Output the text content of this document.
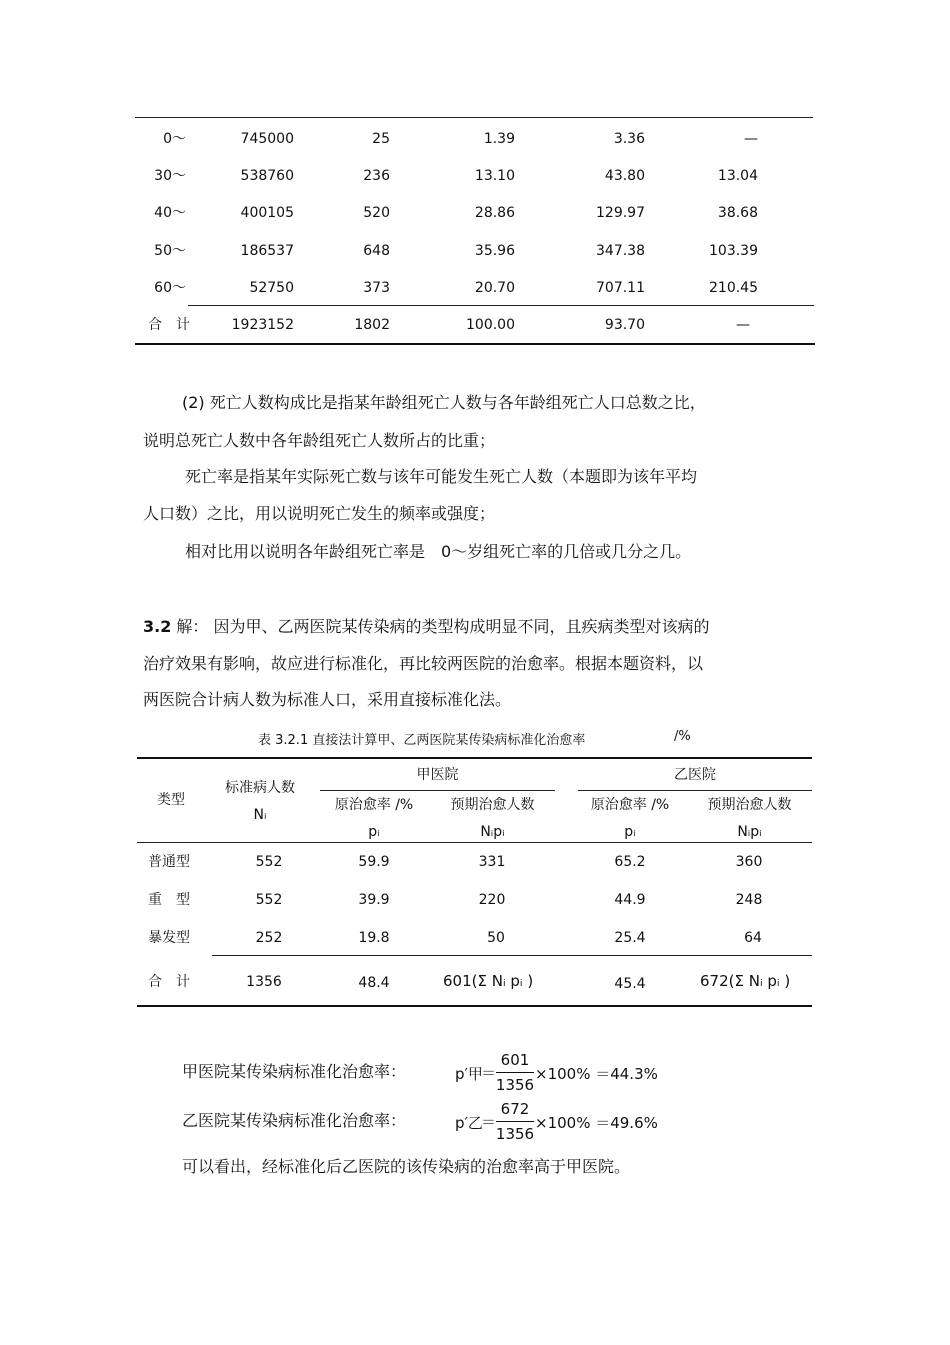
0～	745000	25	1.39	3.36	—
30～	538760	236	13.10	43.80	13.04
40～	400105	520	28.86	129.97	38.68
50～	186537	648	35.96	347.38	103.39
60～	52750	373	20.70	707.11	210.45
合　计	1923152	1802	100.00	93.70	—
(2) 死亡人数构成比是指某年龄组死亡人数与各年龄组死亡人口总数之比，
说明总死亡人数中各年龄组死亡人数所占的比重；
死亡率是指某年实际死亡数与该年可能发生死亡人数（本题即为该年平均
人口数）之比，用以说明死亡发生的频率或强度；
相对比用以说明各年龄组死亡率是　0～岁组死亡率的几倍或几分之几。
3.2 解： 因为甲、乙两医院某传染病的类型构成明显不同，且疾病类型对该病的
治疗效果有影响，故应进行标准化，再比较两医院的治愈率。根据本题资料，以
两医院合计病人数为标准人口，采用直接标准化法。
表 3.2.1 直接法计算甲、乙两医院某传染病标准化治愈率	/%
类型
标准病人数
Nᵢ
甲医院	乙医院
原治愈率 /%	预期治愈人数	原治愈率 /%	预期治愈人数
pᵢ	Nᵢpᵢ	pᵢ	Nᵢpᵢ
普通型	552	59.9	331	65.2	360
重　型	552	39.9	220	44.9	248
暴发型	252	19.8	50	25.4	64
合　计	1356	48.4	601(Σ Nᵢ pᵢ )	45.4	672(Σ Nᵢ pᵢ )
甲医院某传染病标准化治愈率：	p′甲
＝
601
1356
×100% ＝44.3%
乙医院某传染病标准化治愈率：	p′乙
＝
672
1356
×100% ＝49.6%
可以看出，经标准化后乙医院的该传染病的治愈率高于甲医院。
